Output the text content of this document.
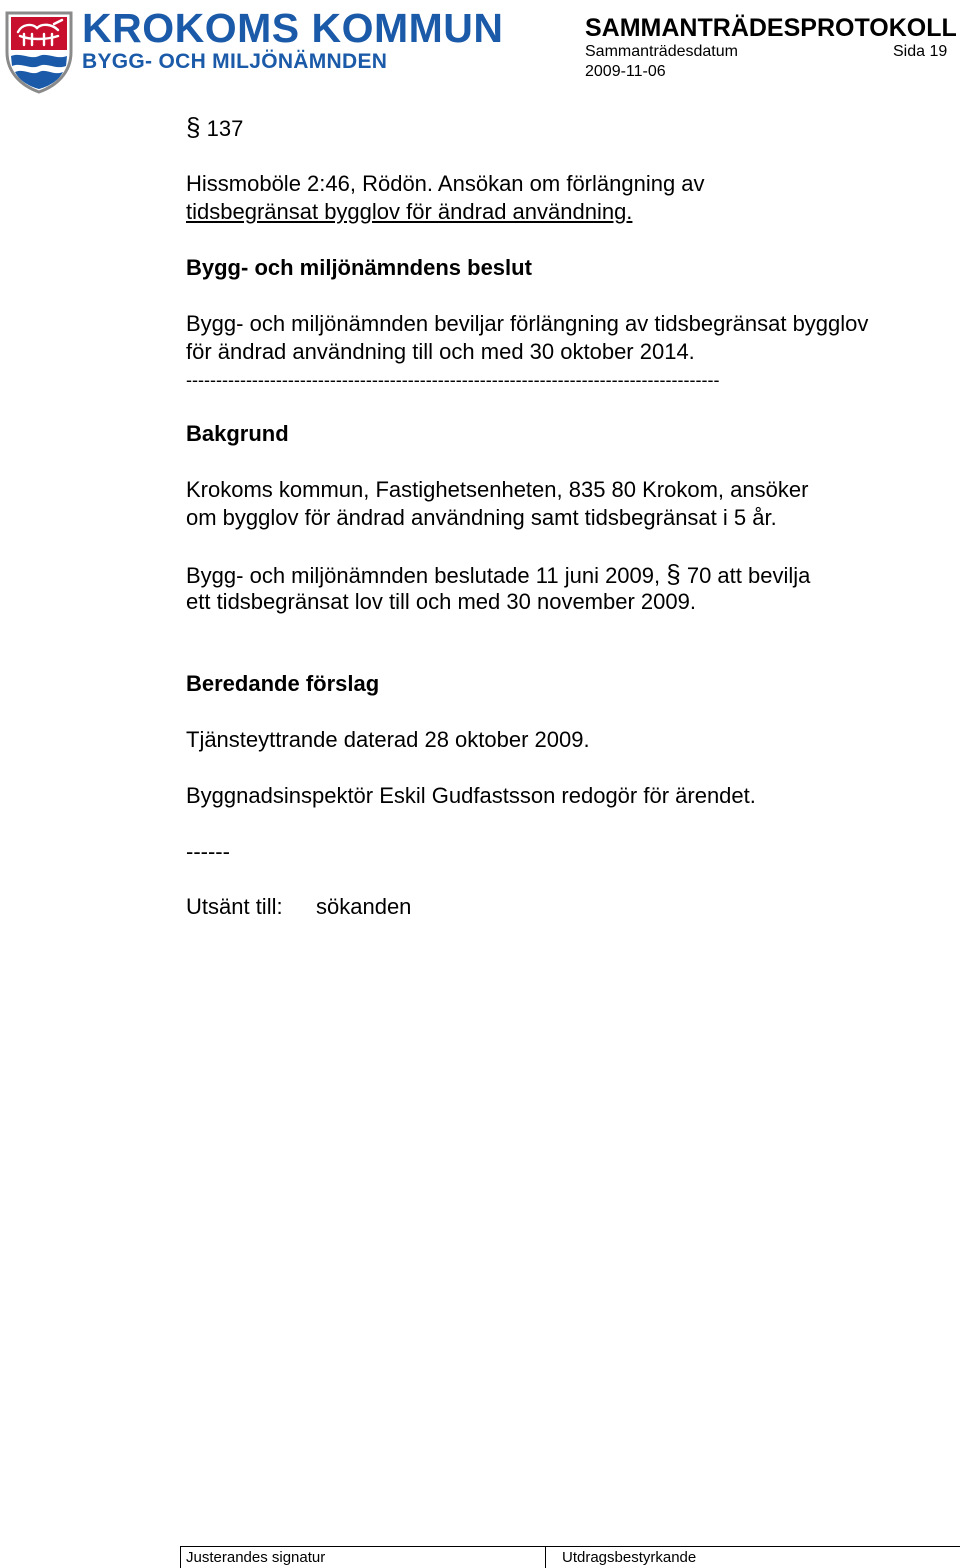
KROKOMS KOMMUN
BYGG- OCH MILJÖNÄMNDEN
SAMMANTRÄDESPROTOKOLL
Sammanträdesdatum	Sida 19
2009-11-06
§ 137
Hissmoböle 2:46, Rödön. Ansökan om förlängning av
tidsbegränsat bygglov för ändrad användning.
Bygg- och miljönämndens beslut
Bygg- och miljönämnden beviljar förlängning av tidsbegränsat bygglov
för ändrad användning till och med 30 oktober 2014.
-----------------------------------------------------------------------------------------
Bakgrund
Krokoms kommun, Fastighetsenheten, 835 80 Krokom, ansöker
om bygglov för ändrad användning samt tidsbegränsat i 5 år.
Bygg- och miljönämnden beslutade 11 juni 2009, § 70 att bevilja
ett tidsbegränsat lov till och med 30 november 2009.
Beredande förslag
Tjänsteyttrande daterad 28 oktober 2009.
Byggnadsinspektör Eskil Gudfastsson redogör för ärendet.
------
Utsänt till: sökanden
Justerandes signatur	Utdragsbestyrkande
